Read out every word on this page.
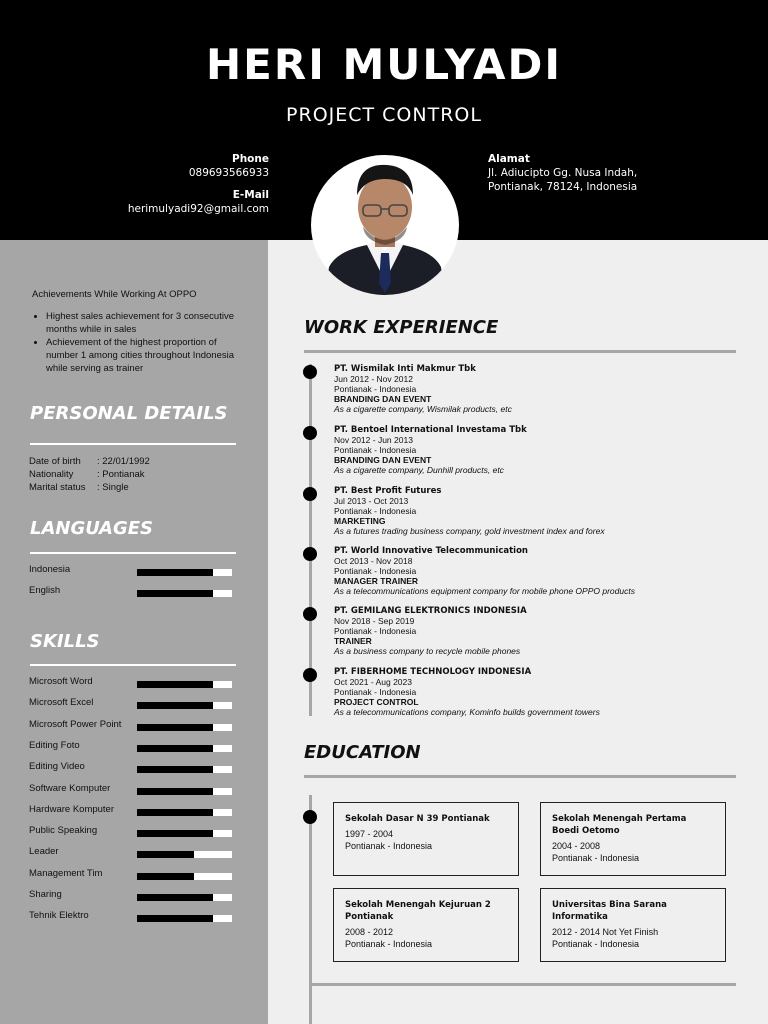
HERI MULYADI
PROJECT CONTROL
Phone
089693566933
E-Mail
herimulyadi92@gmail.com
Alamat
Jl. Adiucipto Gg. Nusa Indah,
Pontianak, 78124, Indonesia
Achievements While Working At OPPO
• Highest sales achievement for 3 consecutive months while in sales
• Achievement of the highest proportion of number 1 among cities throughout Indonesia while serving as trainer
PERSONAL DETAILS
Date of birth : 22/01/1992
Nationality : Pontianak
Marital status : Single
LANGUAGES
Indonesia
English
SKILLS
Microsoft Word
Microsoft Excel
Microsoft Power Point
Editing Foto
Editing Video
Software Komputer
Hardware Komputer
Public Speaking
Leader
Management Tim
Sharing
Tehnik Elektro
WORK EXPERIENCE
PT. Wismilak Inti Makmur Tbk
Jun 2012 - Nov 2012
Pontianak - Indonesia
BRANDING DAN EVENT
As a cigarette company, Wismilak products, etc
PT. Bentoel International Investama Tbk
Nov 2012 - Jun 2013
Pontianak - Indonesia
BRANDING DAN EVENT
As a cigarette company, Dunhill products, etc
PT. Best Profit Futures
Jul 2013 - Oct 2013
Pontianak - Indonesia
MARKETING
As a futures trading business company, gold investment index and forex
PT. World Innovative Telecommunication
Oct 2013 - Nov 2018
Pontianak - Indonesia
MANAGER TRAINER
As a telecommunications equipment company for mobile phone OPPO products
PT. GEMILANG ELEKTRONICS INDONESIA
Nov 2018 - Sep 2019
Pontianak - Indonesia
TRAINER
As a business company to recycle mobile phones
PT. FIBERHOME TECHNOLOGY INDONESIA
Oct 2021 - Aug 2023
Pontianak - Indonesia
PROJECT CONTROL
As a telecommunications company, Kominfo builds government towers
EDUCATION
Sekolah Dasar N 39 Pontianak
1997 - 2004
Pontianak - Indonesia
Sekolah Menengah Pertama Boedi Oetomo
2004 - 2008
Pontianak - Indonesia
Sekolah Menengah Kejuruan 2 Pontianak
2008 - 2012
Pontianak - Indonesia
Universitas Bina Sarana Informatika
2012 - 2014 Not Yet Finish
Pontianak - Indonesia
